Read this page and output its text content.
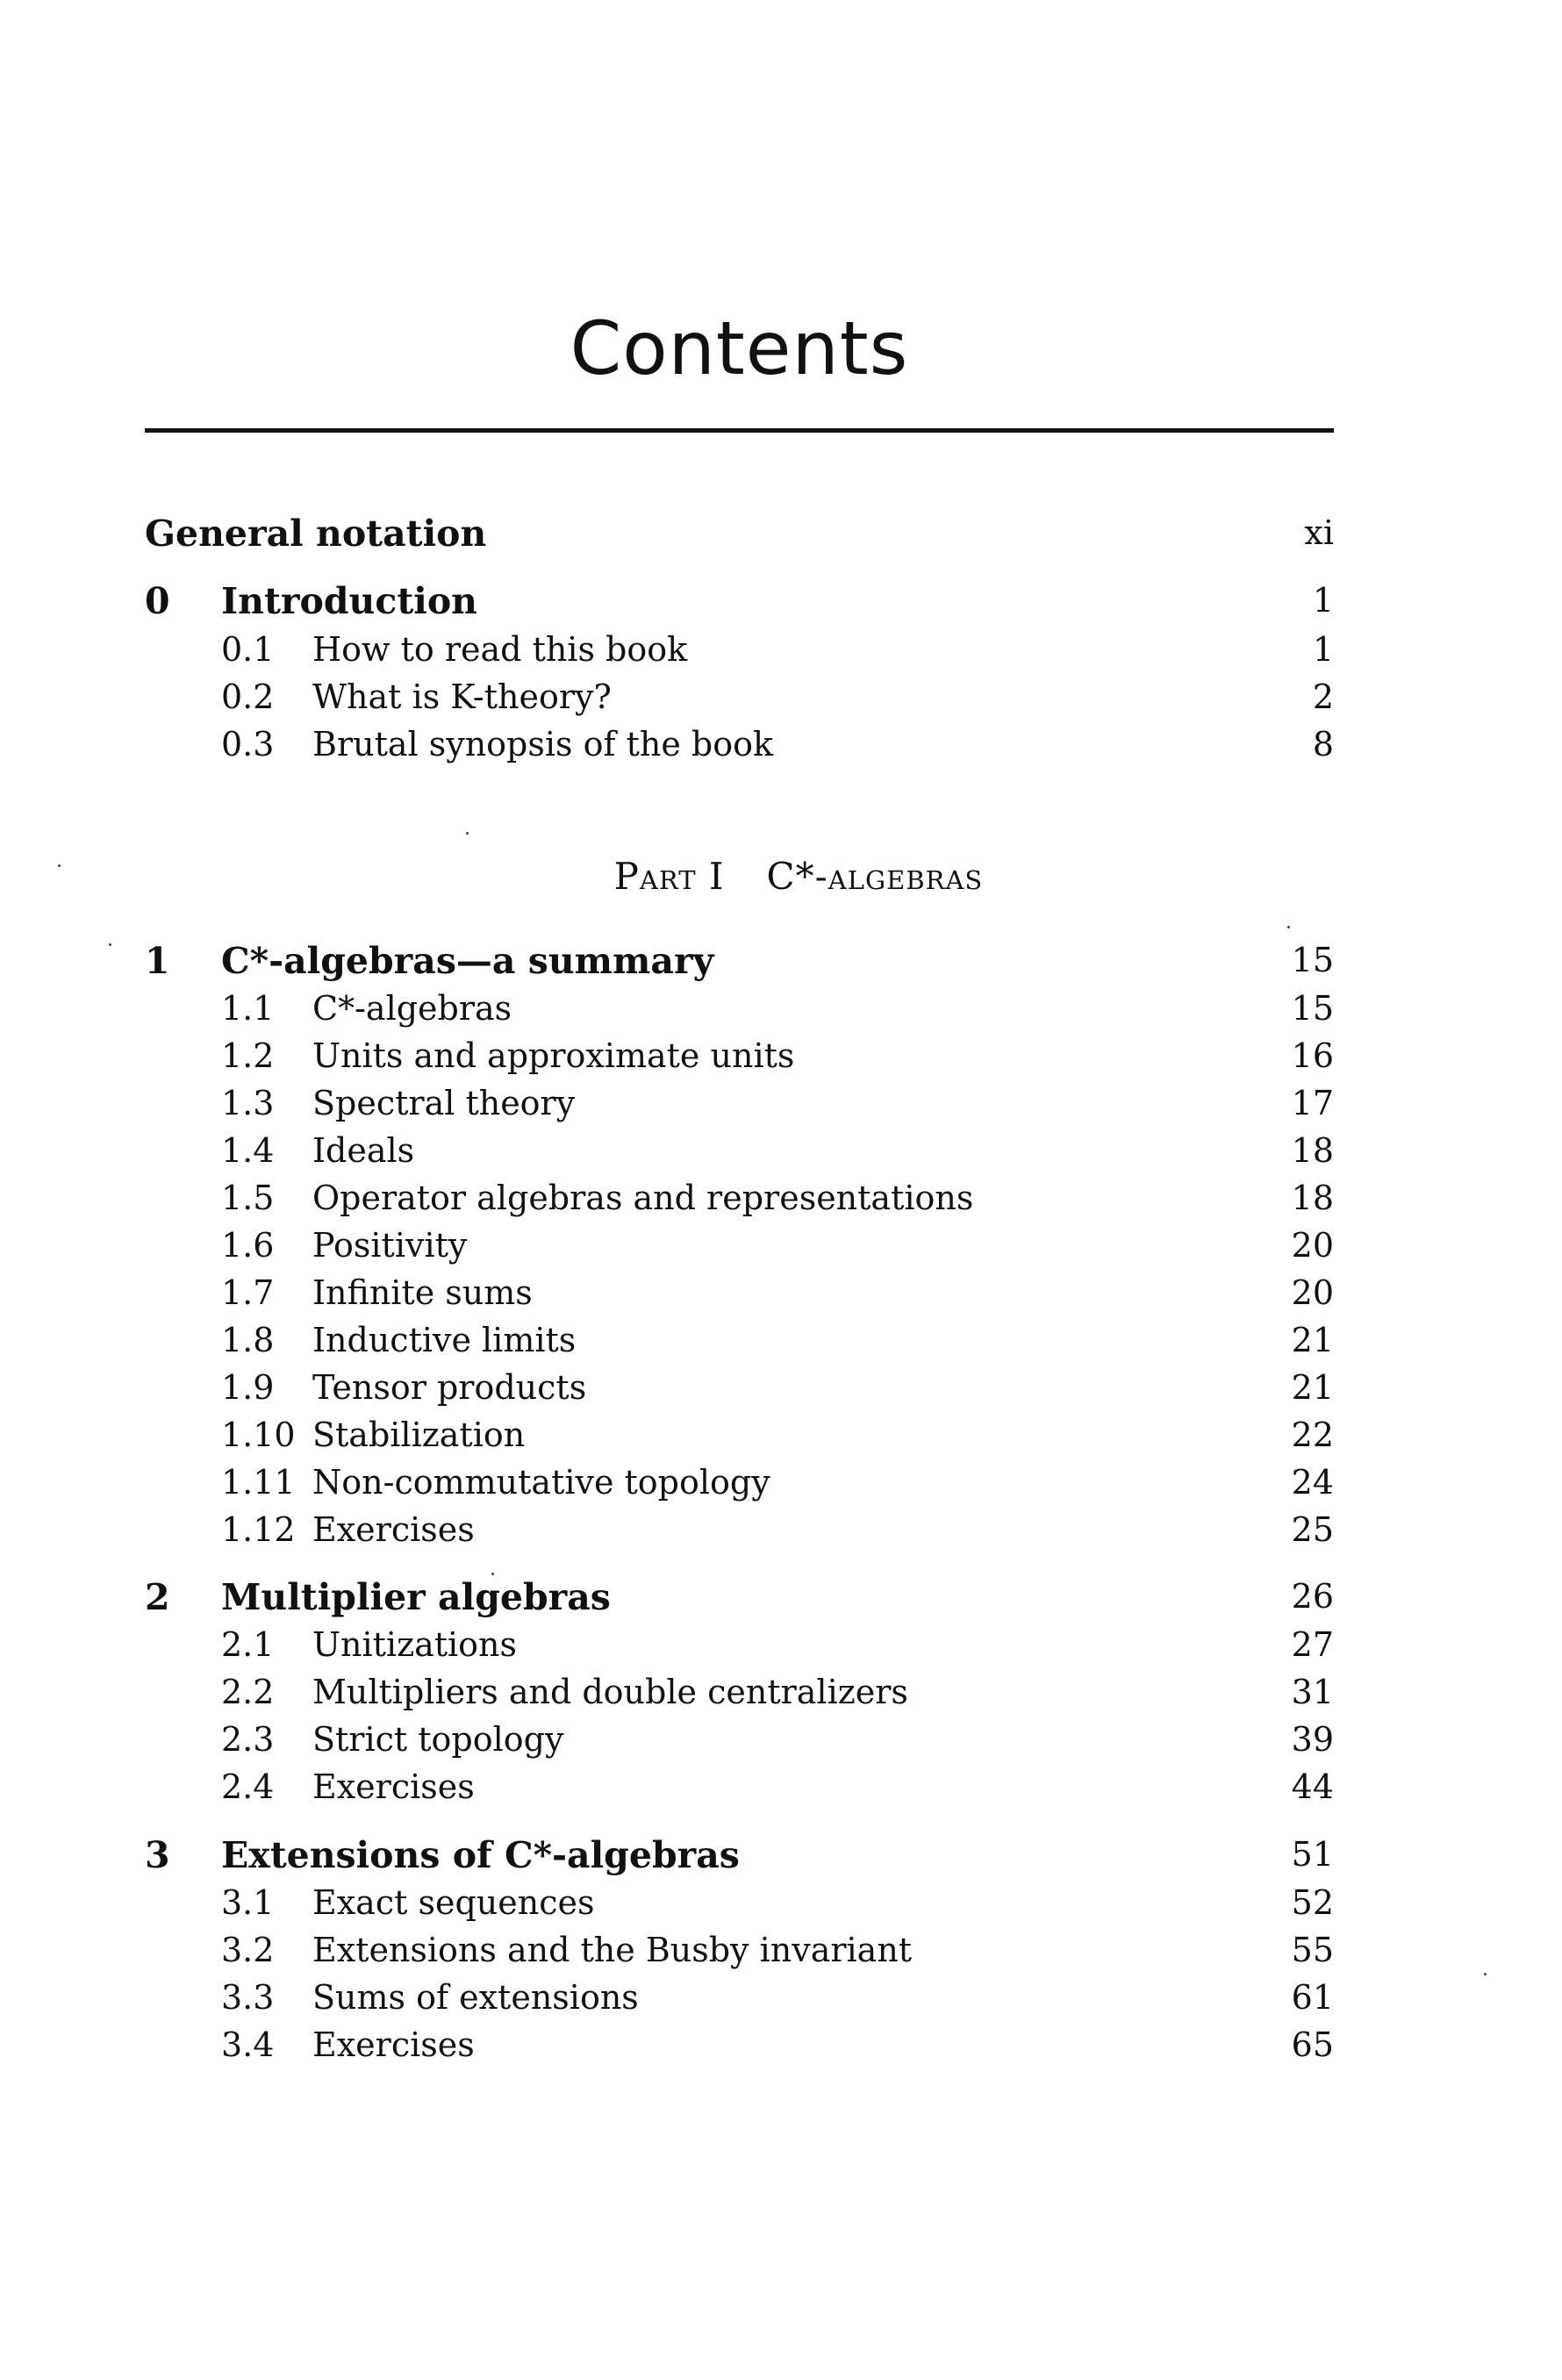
Contents
General notation	xi
0 Introduction	1
0.1 How to read this book	1
0.2 What is K-theory?	2
0.3 Brutal synopsis of the book	8
1 C*-algebras—a summary	15
1.1 C*-algebras	15
1.2 Units and approximate units	16
1.3 Spectral theory	17
1.4 Ideals	18
1.5 Operator algebras and representations	18
1.6 Positivity	20
1.7 Infinite sums	20
1.8 Inductive limits	21
1.9 Tensor products	21
1.10 Stabilization	22
1.11 Non-commutative topology	24
1.12 Exercises	25
2 Multiplier algebras	26
2.1 Unitizations	27
2.2 Multipliers and double centralizers	31
2.3 Strict topology	39
2.4 Exercises	44
3 Extensions of C*-algebras	51
3.1 Exact sequences	52
3.2 Extensions and the Busby invariant	55
3.3 Sums of extensions	61
3.4 Exercises	65
Part I C*-algebras
